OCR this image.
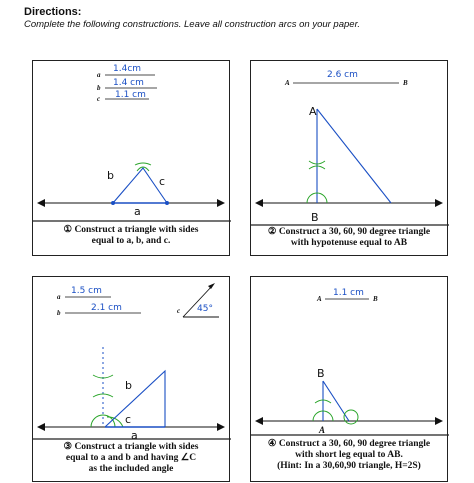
Directions:
Complete the following constructions. Leave all construction arcs on your paper.
a
1.4cm
b 1.4 cm
c 1.1 cm
b	c
a
① Construct a triangle with sides
equal to a, b, and c.
A	B
2.6 cm
A
B
② Construct a 30, 60, 90 degree triangle
with hypotenuse equal to AB
a
1.5 cm
b	2.1 cm	c 45°
b
c
a
③ Construct a triangle with sides
equal to a and b and having ∠C
as the included angle
A	B
1.1 cm
B
A
④ Construct a 30, 60, 90 degree triangle
with short leg equal to AB.
(Hint: In a 30,60,90 triangle, H=2S)
